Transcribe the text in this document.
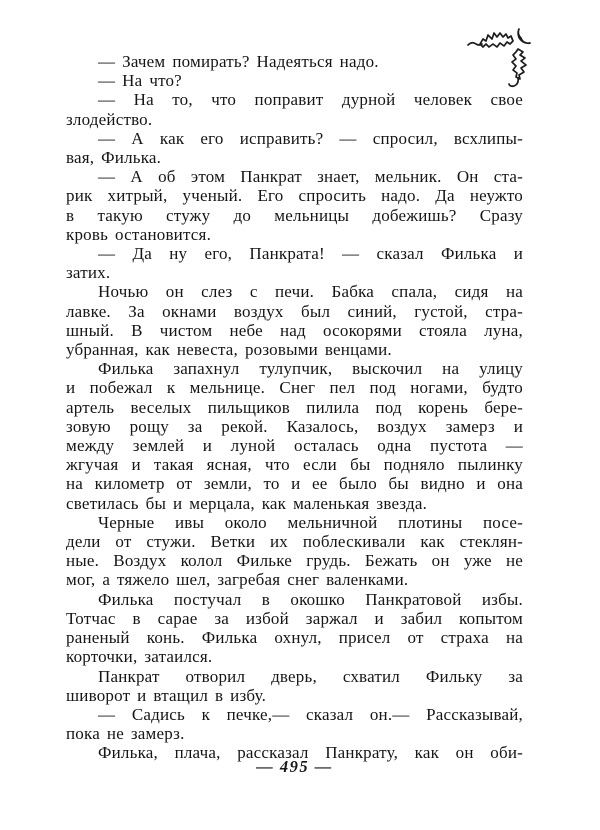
— Зачем помирать? Надеяться надо.
— На что?
— На то, что поправит дурной человек свое
злодейство.
— А как его исправить? — спросил, всхлипы-
вая, Филька.
— А об этом Панкрат знает, мельник. Он ста-
рик хитрый, ученый. Его спросить надо. Да неужто
в такую стужу до мельницы добежишь? Сразу
кровь остановится.
— Да ну его, Панкрата! — сказал Филька и
затих.
Ночью он слез с печи. Бабка спала, сидя на
лавке. За окнами воздух был синий, густой, стра-
шный. В чистом небе над осокорями стояла луна,
убранная, как невеста, розовыми венцами.
Филька запахнул тулупчик, выскочил на улицу
и побежал к мельнице. Снег пел под ногами, будто
артель веселых пильщиков пилила под корень бере-
зовую рощу за рекой. Казалось, воздух замерз и
между землей и луной осталась одна пустота —
жгучая и такая ясная, что если бы подняло пылинку
на километр от земли, то и ее было бы видно и она
светилась бы и мерцала, как маленькая звезда.
Черные ивы около мельничной плотины посе-
дели от стужи. Ветки их поблескивали как стеклян-
ные. Воздух колол Фильке грудь. Бежать он уже не
мог, а тяжело шел, загребая снег валенками.
Филька постучал в окошко Панкратовой избы.
Тотчас в сарае за избой заржал и забил копытом
раненый конь. Филька охнул, присел от страха на
корточки, затаился.
Панкрат отворил дверь, схватил Фильку за
шиворот и втащил в избу.
— Садись к печке,— сказал он.— Рассказывай,
пока не замерз.
Филька, плача, рассказал Панкрату, как он оби-
— 495 —
